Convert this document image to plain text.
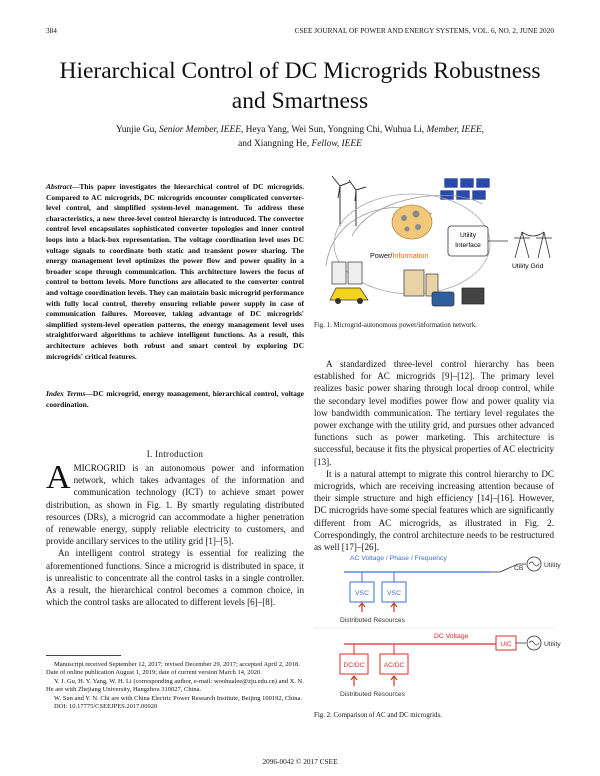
384	CSEE JOURNAL OF POWER AND ENERGY SYSTEMS, VOL. 6, NO. 2, JUNE 2020
Hierarchical Control of DC Microgrids Robustness
and Smartness
Yunjie Gu, Senior Member, IEEE, Heya Yang, Wei Sun, Yongning Chi, Wuhua Li, Member, IEEE,
and Xiangning He, Fellow, IEEE
Abstract—This paper investigates the hierarchical control of DC microgrids. Compared to AC microgrids, DC microgrids encounter complicated converter-level control, and simplified system-level management. To address these characteristics, a new three-level control hierarchy is introduced. The converter control level encapsulates sophisticated converter topologies and inner control loops into a black-box representation. The voltage coordination level uses DC voltage signals to coordinate both static and transient power sharing. The energy management level optimizes the power flow and power quality in a broader scope through communication. This architecture lowers the focus of control to bottom levels. More functions are allocated to the converter control and voltage coordination levels. They can maintain basic microgrid performance with fully local control, thereby ensuring reliable power supply in case of communication failures. Moreover, taking advantage of DC microgrids' simplified system-level operation patterns, the energy management level uses straightforward algorithms to achieve intelligent functions. As a result, this architecture achieves both robust and smart control by exploring DC microgrids' critical features.
Index Terms—DC microgrid, energy management, hierarchical control, voltage coordination.
I. Introduction

AMICROGRID is an autonomous power and information network, which takes advantages of the information and communication technology (ICT) to achieve smart power distribution, as shown in Fig. 1. By smartly regulating distributed resources (DRs), a microgrid can accommodate a higher penetration of renewable energy, supply reliable electricity to customers, and provide ancillary services to the utility grid [1]–[5].

An intelligent control strategy is essential for realizing the aforementioned functions. Since a microgrid is distributed in space, it is unrealistic to concentrate all the control tasks in a single controller. As a result, the hierarchical control becomes a common choice, in which the control tasks are allocated to different levels [6]–[8].

Manuscript received September 12, 2017; revised December 29, 2017; accepted April 2, 2018. Date of online publication August 1, 2019; date of current version March 14, 2020.

Y. J. Gu, H. Y. Yang, W. H. Li (corresponding author, e-mail: woohualee@zju.edu.cn) and X. N. He are with Zhejiang University, Hangzhou 310027, China.

W. Sun and Y. N. Chi are with China Electric Power Research Institute, Beijing 100192, China.

DOI: 10.17775/CSEEJPES.2017.00920

Power/Information
Utility
Interface
Utility Grid
Fig. 1. Microgrid-autonomous power/information network.

A standardized three-level control hierarchy has been established for AC microgrids [9]–[12]. The primary level realizes basic power sharing through local droop control, while the secondary level modifies power flow and power quality via low bandwidth communication. The tertiary level regulates the power exchange with the utility grid, and pursues other advanced functions such as power marketing. This architecture is successful, because it fits the physical properties of AC electricity [13].

It is a natural attempt to migrate this control hierarchy to DC microgrids, which are receiving increasing attention because of their simple structure and high efficiency [14]–[16]. However, DC microgrids have some special features which are significantly different from AC microgrids, as illustrated in Fig. 2. Correspondingly, the control architecture needs to be restructured as well [17]–[26].

AC Voltage / Phase / Frequency
CB	Utility
VSC	VSC
Distributed Resources
DC Voltage
UIC	Utility
DC/DC	AC/DC
Distributed Resources
Fig. 2. Comparison of AC and DC microgrids.
2096-0042 © 2017 CSEE
